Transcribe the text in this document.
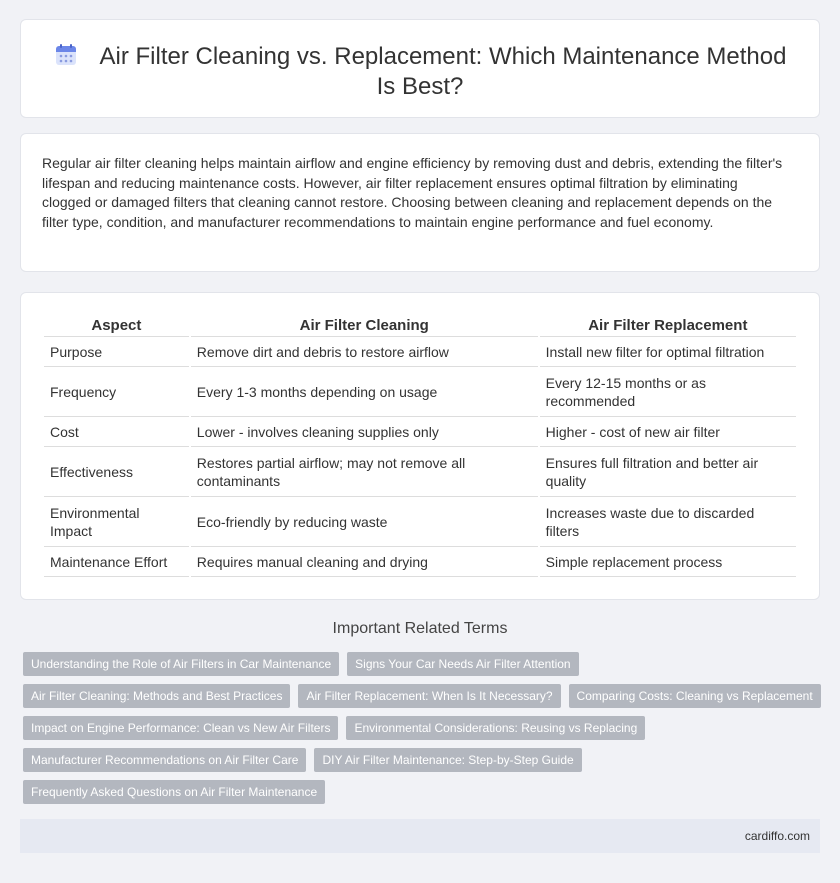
Air Filter Cleaning vs. Replacement: Which Maintenance Method Is Best?

Regular air filter cleaning helps maintain airflow and engine efficiency by removing dust and debris, extending the filter's lifespan and reducing maintenance costs. However, air filter replacement ensures optimal filtration by eliminating clogged or damaged filters that cleaning cannot restore. Choosing between cleaning and replacement depends on the filter type, condition, and manufacturer recommendations to maintain engine performance and fuel economy.

Aspect	Air Filter Cleaning	Air Filter Replacement
Purpose	Remove dirt and debris to restore airflow	Install new filter for optimal filtration
Frequency	Every 1-3 months depending on usage	Every 12-15 months or as recommended
Cost	Lower - involves cleaning supplies only	Higher - cost of new air filter
Effectiveness	Restores partial airflow; may not remove all contaminants	Ensures full filtration and better air quality
Environmental Impact	Eco-friendly by reducing waste	Increases waste due to discarded filters
Maintenance Effort	Requires manual cleaning and drying	Simple replacement process
Important Related Terms
Understanding the Role of Air Filters in Car Maintenance	Signs Your Car Needs Air Filter Attention
Air Filter Cleaning: Methods and Best Practices	Air Filter Replacement: When Is It Necessary?	Comparing Costs: Cleaning vs Replacement
Impact on Engine Performance: Clean vs New Air Filters	Environmental Considerations: Reusing vs Replacing
Manufacturer Recommendations on Air Filter Care	DIY Air Filter Maintenance: Step-by-Step Guide
Frequently Asked Questions on Air Filter Maintenance
cardiffo.com
